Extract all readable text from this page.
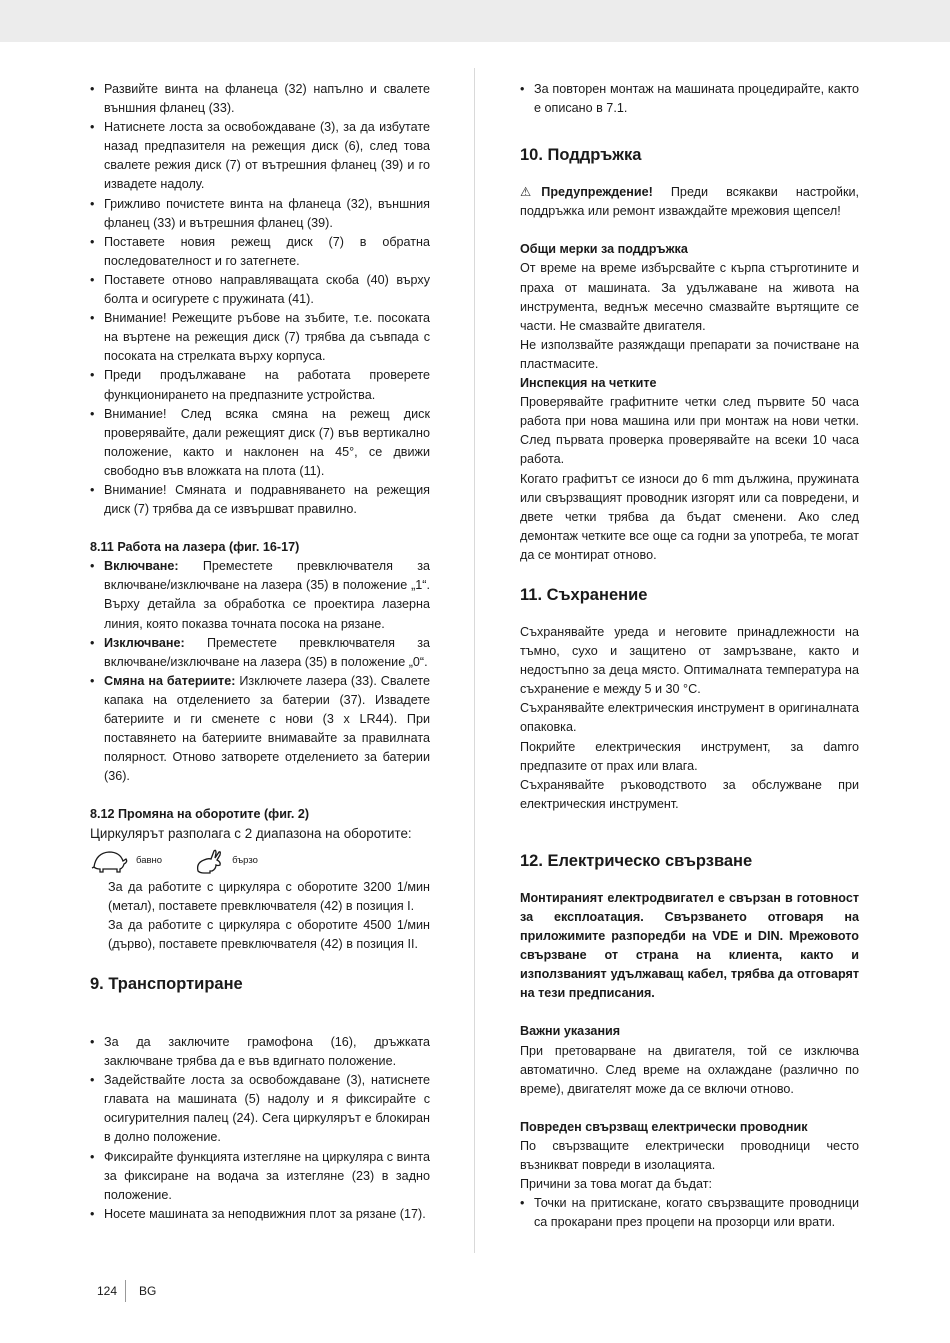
• Развийте винта на фланеца (32) напълно и свалете външния фланец (33).
• Натиснете лоста за освобождаване (3), за да избутате назад предпазителя на режещия диск (6), след това свалете режия диск (7) от вътрешния фланец (39) и го извадете надолу.
• Грижливо почистете винта на фланеца (32), външния фланец (33) и вътрешния фланец (39).
• Поставете новия режещ диск (7) в обратна последователност и го затегнете.
• Поставете отново направляващата скоба (40) върху болта и осигурете с пружината (41).
• Внимание! Режещите ръбове на зъбите, т.е. посоката на въртене на режещия диск (7) трябва да съвпада с посоката на стрелката върху корпуса.
• Преди продължаване на работата проверете функционирането на предпазните устройства.
• Внимание! След всяка смяна на режещ диск проверявайте, дали режещият диск (7) във вертикално положение, както и наклонен на 45°, се движи свободно във вложката на плота (11).
• Внимание! Смяната и подравняването на режещия диск (7) трябва да се извършват правилно.

8.11 Работа на лазера (фиг. 16-17)

• Включване: Преместете превключвателя за включване/изключване на лазера (35) в положение „1“. Върху детайла за обработка се проектира лазерна линия, която показва точната посока на рязане.
• Изключване: Преместете превключвателя за включване/изключване на лазера (35) в положение „0“.
• Смяна на батериите: Изключете лазера (33). Свалете капака на отделението за батерии (37). Извадете батериите и ги сменете с нови (3 x LR44). При поставянето на батериите внимавайте за правилната полярност. Отново затворете отделението за батерии (36).

8.12 Промяна на оборотите (фиг. 2)

Циркулярът разполага с 2 диапазона на оборотите:

бавно	бързо

За да работите с циркуляра с оборотите 3200 1/мин (метал), поставете превключвателя (42) в позиция I.

За да работите с циркуляра с оборотите 4500 1/мин (дърво), поставете превключвателя (42) в позиция II.

9. Транспортиране
• За да заключите грамофона (16), дръжката заключване трябва да е във вдигнато положение.
• Задействайте лоста за освобождаване (3), натиснете главата на машината (5) надолу и я фиксирайте с осигурителния палец (24). Сега циркулярът е блокиран в долно положение.
• Фиксирайте функцията изтегляне на циркуляра с винта за фиксиране на водача за изтегляне (23) в задно положение.
• Носете машината за неподвижния плот за рязане (17).
• За повторен монтаж на машината процедирайте, както е описано в 7.1.
10. Поддръжка

⚠ Предупреждение! Преди всякакви настройки, поддръжка или ремонт изваждайте мрежовия щепсел!

Общи мерки за поддръжка

От време на време избърсвайте с кърпа стърготините и праха от машината. За удължаване на живота на инструмента, веднъж месечно смазвайте въртящите се части. Не смазвайте двигателя.

Не използвайте разяждащи препарати за почистване на пластмасите.

Инспекция на четките

Проверявайте графитните четки след първите 50 часа работа при нова машина или при монтаж на нови четки. След първата проверка проверявайте на всеки 10 часа работа.

Когато графитът се износи до 6 mm дължина, пружината или свързващият проводник изгорят или са повредени, и двете четки трябва да бъдат сменени. Ако след демонтаж четките все още са годни за употреба, те могат да се монтират отново.

11. Съхранение

Съхранявайте уреда и неговите принадлежности на тъмно, сухо и защитено от замръзване, както и недостъпно за деца място. Оптималната температура на съхранение е между 5 и 30 °C.

Съхранявайте електрическия инструмент в оригиналната опаковка.

Покрийте електрическия инструмент, за damro предпазите от прах или влага.

Съхранявайте ръководството за обслужване при електрическия инструмент.

12. Електрическо свързване

Монтираният електродвигател е свързан в готовност за експлоатация. Свързването отговаря на приложимите разпоредби на VDE и DIN. Мрежовото свързване от страна на клиента, както и използваният удължаващ кабел, трябва да отговарят на тези предписания.

Важни указания

При претоварване на двигателя, той се изключва автоматично. След време на охлаждане (различно по време), двигателят може да се включи отново.

Повреден свързващ електрически проводник

По свързващите електрически проводници често възникват повреди в изолацията.

Причини за това могат да бъдат:

• Точки на притискане, когато свързващите проводници са прокарани през процепи на прозорци или врати.
124 BG
